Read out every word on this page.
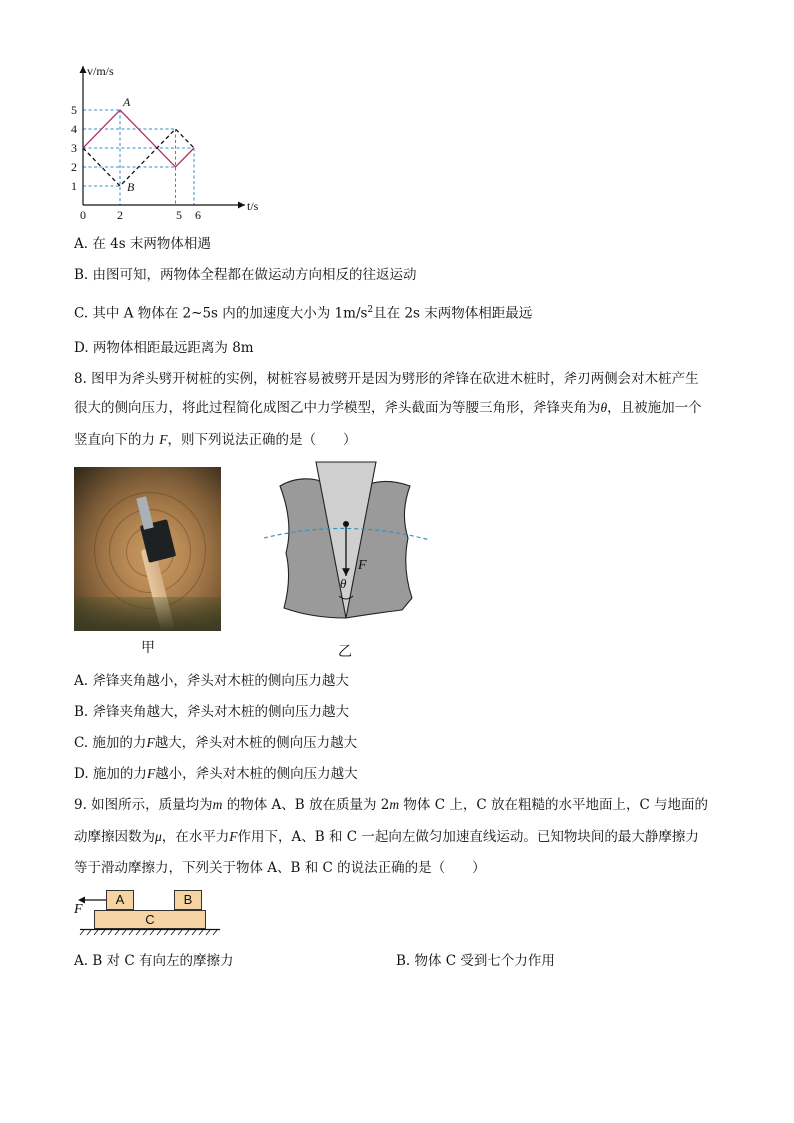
v/m/s
t/s
5
4
3
2
1
0	2	5 6
A
B
A. 在 4s 末两物体相遇
B. 由图可知，两物体全程都在做运动方向相反的往返运动
C. 其中 A 物体在 2~5s 内的加速度大小为 $1m/s^2$且在 2s 末两物体相距最远
D. 两物体相距最远距离为 8m
8. 图甲为斧头劈开树桩的实例，树桩容易被劈开是因为劈形的斧锋在砍进木桩时，斧刃两侧会对木桩产生
很大的侧向压力，将此过程简化成图乙中力学模型，斧头截面为等腰三角形，斧锋夹角为θ，且被施加一个
竖直向下的力 F，则下列说法正确的是（　　）
甲
F
θ
乙
A. 斧锋夹角越小，斧头对木桩的侧向压力越大
B. 斧锋夹角越大，斧头对木桩的侧向压力越大
C. 施加的力F越大，斧头对木桩的侧向压力越大
D. 施加的力F越小，斧头对木桩的侧向压力越大
9. 如图所示，质量均为m 的物体 A、B 放在质量为 2m 物体 C 上，C 放在粗糙的水平地面上，C 与地面的
动摩擦因数为μ，在水平力F作用下，A、B 和 C 一起向左做匀加速直线运动。已知物块间的最大静摩擦力
等于滑动摩擦力，下列关于物体 A、B 和 C 的说法正确的是（　　）
A	B
C
F
A. B 对 C 有向左的摩擦力	B. 物体 C 受到七个力作用
